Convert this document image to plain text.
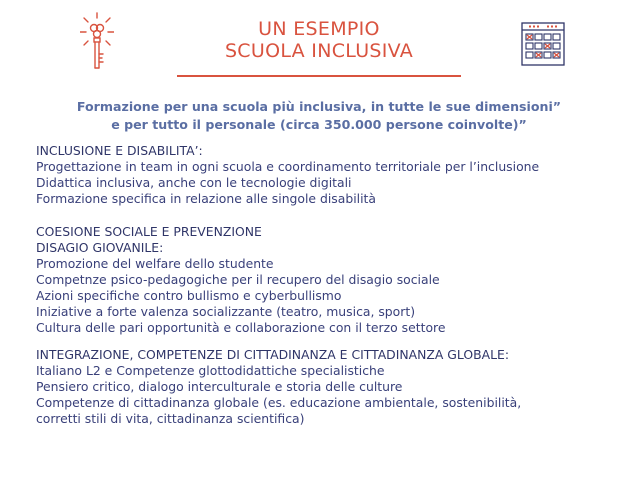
UN ESEMPIO
SCUOLA INCLUSIVA
Formazione per una scuola più inclusiva, in tutte le sue dimensioni”
e per tutto il personale (circa 350.000 persone coinvolte)”
INCLUSIONE E DISABILITA’:
Progettazione in team in ogni scuola e coordinamento territoriale per l’inclusione
Didattica inclusiva, anche con le tecnologie digitali
Formazione specifica in relazione alle singole disabilità
COESIONE SOCIALE E PREVENZIONE
DISAGIO GIOVANILE:
Promozione del welfare dello studente
Competnze psico-pedagogiche per il recupero del disagio sociale
Azioni specifiche contro bullismo e cyberbullismo
Iniziative a forte valenza socializzante (teatro, musica, sport)
Cultura delle pari opportunità e collaborazione con il terzo settore
INTEGRAZIONE, COMPETENZE DI CITTADINANZA E CITTADINANZA GLOBALE:
Italiano L2 e Competenze glottodidattiche specialistiche
Pensiero critico, dialogo interculturale e storia delle culture
Competenze di cittadinanza globale (es. educazione ambientale, sostenibilità,
corretti stili di vita, cittadinanza scientifica)
